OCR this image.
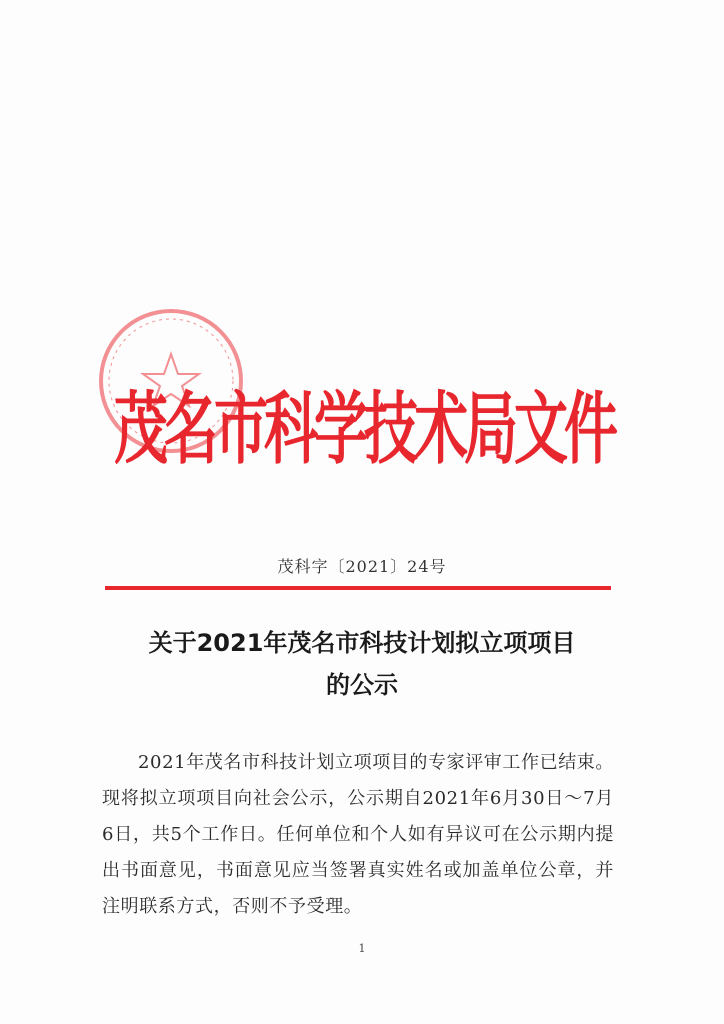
茂名市科学技术局文件
茂科字〔2021〕24号
关于2021年茂名市科技计划拟立项项目
的公示

2021年茂名市科技计划立项项目的专家评审工作已结束。现将拟立项项目向社会公示，公示期自2021年6月30日～7月6日，共5个工作日。任何单位和个人如有异议可在公示期内提出书面意见，书面意见应当签署真实姓名或加盖单位公章，并注明联系方式，否则不予受理。

1
